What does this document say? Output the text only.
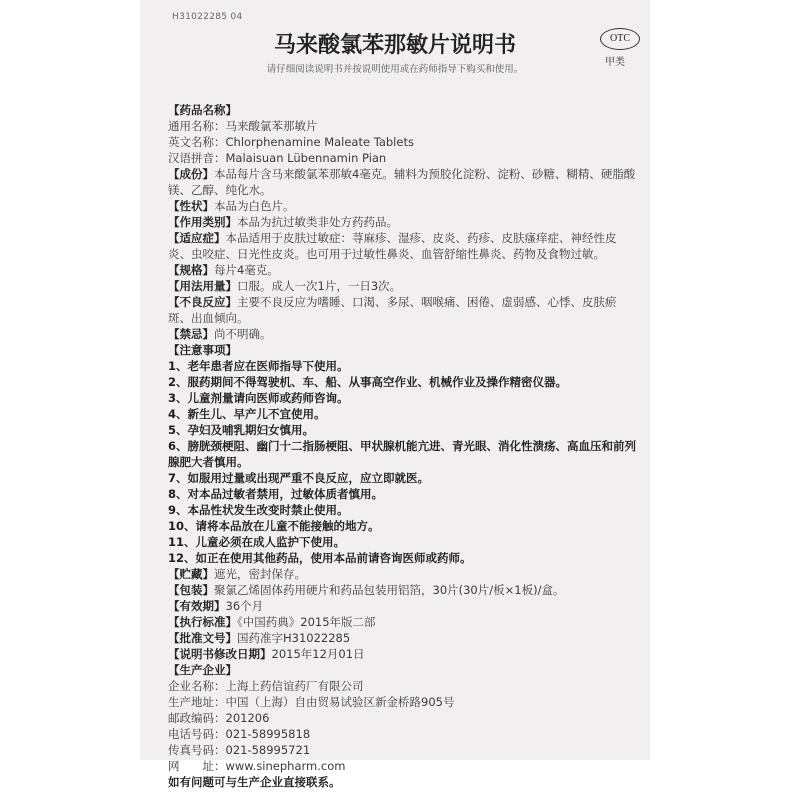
H31022285 04
马来酸氯苯那敏片说明书
请仔细阅读说明书并按说明使用或在药师指导下购买和使用。
OTC
甲类
【药品名称】
通用名称：马来酸氯苯那敏片
英文名称：Chlorphenamine Maleate Tablets
汉语拼音：Malaisuan Lübennamin Pian
【成份】本品每片含马来酸氯苯那敏4毫克。辅料为预胶化淀粉、淀粉、砂糖、糊精、硬脂酸镁、乙醇、纯化水。
【性状】本品为白色片。
【作用类别】本品为抗过敏类非处方药药品。
【适应症】本品适用于皮肤过敏症：荨麻疹、湿疹、皮炎、药疹、皮肤瘙痒症、神经性皮炎、虫咬症、日光性皮炎。也可用于过敏性鼻炎、血管舒缩性鼻炎、药物及食物过敏。
【规格】每片4毫克。
【用法用量】口服。成人一次1片，一日3次。
【不良反应】主要不良反应为嗜睡、口渴、多尿、咽喉痛、困倦、虚弱感、心悸、皮肤瘀斑、出血倾向。
【禁忌】尚不明确。
【注意事项】
1、老年患者应在医师指导下使用。
2、服药期间不得驾驶机、车、船、从事高空作业、机械作业及操作精密仪器。
3、儿童剂量请向医师或药师咨询。
4、新生儿、早产儿不宜使用。
5、孕妇及哺乳期妇女慎用。
6、膀胱颈梗阻、幽门十二指肠梗阻、甲状腺机能亢进、青光眼、消化性溃疡、高血压和前列腺肥大者慎用。
7、如服用过量或出现严重不良反应，应立即就医。
8、对本品过敏者禁用，过敏体质者慎用。
9、本品性状发生改变时禁止使用。
10、请将本品放在儿童不能接触的地方。
11、儿童必须在成人监护下使用。
12、如正在使用其他药品，使用本品前请咨询医师或药师。
【贮藏】遮光，密封保存。
【包装】聚氯乙烯固体药用硬片和药品包装用铝箔，30片(30片/板×1板)/盒。
【有效期】36个月
【执行标准】《中国药典》2015年版二部
【批准文号】国药准字H31022285
【说明书修改日期】2015年12月01日
【生产企业】
企业名称：上海上药信谊药厂有限公司
生产地址：中国（上海）自由贸易试验区新金桥路905号
邮政编码：201206
电话号码：021-58995818
传真号码：021-58995721
网　　址：www.sinepharm.com
如有问题可与生产企业直接联系。
